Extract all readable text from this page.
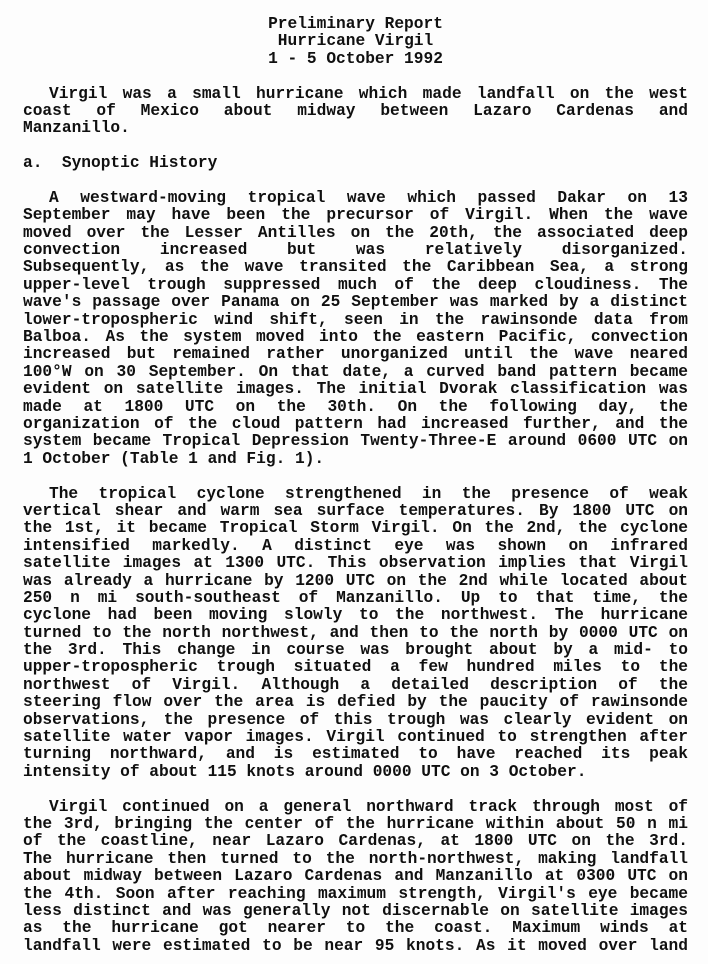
Preliminary Report
Hurricane Virgil
1 - 5 October 1992
Virgil was a small hurricane which made landfall on the west
coast of Mexico about midway between Lazaro Cardenas and
Manzanillo.
a.  Synoptic History
A westward-moving tropical wave which passed Dakar on 13
September may have been the precursor of Virgil. When the wave
moved over the Lesser Antilles on the 20th, the associated deep
convection increased but was relatively disorganized.
Subsequently, as the wave transited the Caribbean Sea, a strong
upper-level trough suppressed much of the deep cloudiness. The
wave's passage over Panama on 25 September was marked by a distinct
lower-tropospheric wind shift, seen in the rawinsonde data from
Balboa. As the system moved into the eastern Pacific, convection
increased but remained rather unorganized until the wave neared
100°W on 30 September. On that date, a curved band pattern became
evident on satellite images. The initial Dvorak classification was
made at 1800 UTC on the 30th. On the following day, the
organization of the cloud pattern had increased further, and the
system became Tropical Depression Twenty-Three-E around 0600 UTC on
1 October (Table 1 and Fig. 1).
The tropical cyclone strengthened in the presence of weak
vertical shear and warm sea surface temperatures. By 1800 UTC on
the 1st, it became Tropical Storm Virgil. On the 2nd, the cyclone
intensified markedly. A distinct eye was shown on infrared
satellite images at 1300 UTC. This observation implies that Virgil
was already a hurricane by 1200 UTC on the 2nd while located about
250 n mi south-southeast of Manzanillo. Up to that time, the
cyclone had been moving slowly to the northwest. The hurricane
turned to the north northwest, and then to the north by 0000 UTC on
the 3rd. This change in course was brought about by a mid- to
upper-tropospheric trough situated a few hundred miles to the
northwest of Virgil. Although a detailed description of the
steering flow over the area is defied by the paucity of rawinsonde
observations, the presence of this trough was clearly evident on
satellite water vapor images. Virgil continued to strengthen after
turning northward, and is estimated to have reached its peak
intensity of about 115 knots around 0000 UTC on 3 October.
Virgil continued on a general northward track through most of
the 3rd, bringing the center of the hurricane within about 50 n mi
of the coastline, near Lazaro Cardenas, at 1800 UTC on the 3rd.
The hurricane then turned to the north-northwest, making landfall
about midway between Lazaro Cardenas and Manzanillo at 0300 UTC on
the 4th. Soon after reaching maximum strength, Virgil's eye became
less distinct and was generally not discernable on satellite images
as the hurricane got nearer to the coast. Maximum winds at
landfall were estimated to be near 95 knots. As it moved over land
